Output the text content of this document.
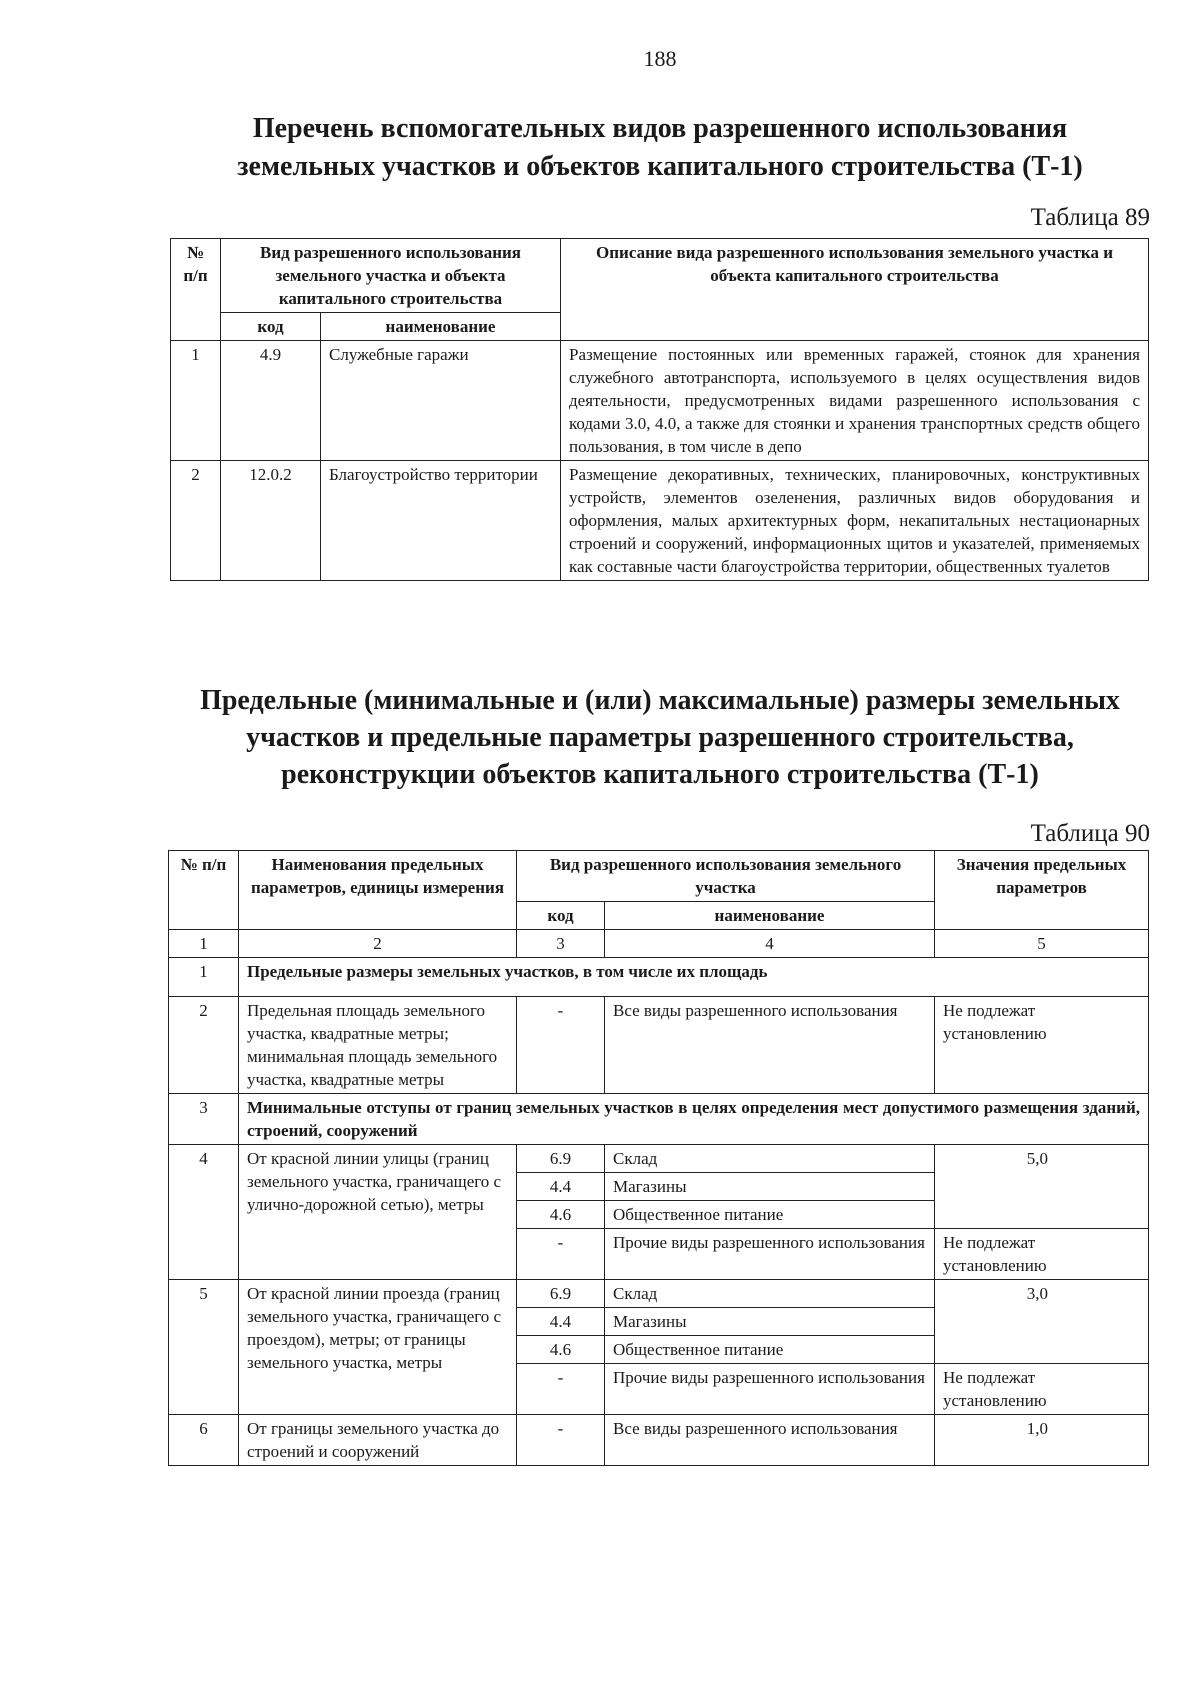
188
Перечень вспомогательных видов разрешенного использования
земельных участков и объектов капитального строительства (Т-1)
Таблица 89
№ п/п	Вид разрешенного использования земельного участка и объекта капитального строительства		Описание вида разрешенного использования земельного участка и объекта капитального строительства
	код	наименование	
1	4.9	Служебные гаражи	Размещение постоянных или временных гаражей, стоянок для хранения служебного автотранспорта, используемого в целях осуществления видов деятельности, предусмотренных видами разрешенного использования с кодами 3.0, 4.0, а также для стоянки и хранения транспортных средств общего пользования, в том числе в депо
2	12.0.2	Благоустройство территории	Размещение декоративных, технических, планировочных, конструктивных устройств, элементов озеленения, различных видов оборудования и оформления, малых архитектурных форм, некапитальных нестационарных строений и сооружений, информационных щитов и указателей, применяемых как составные части благоустройства территории, общественных туалетов
Предельные (минимальные и (или) максимальные) размеры земельных
участков и предельные параметры разрешенного строительства,
реконструкции объектов капитального строительства (Т-1)
Таблица 90
№ п/п	Наименования предельных параметров, единицы измерения	Вид разрешенного использования земельного участка		Значения предельных параметров
		код	наименование	
1	2	3	4	5
1	Предельные размеры земельных участков, в том числе их площадь			
2	Предельная площадь земельного участка, квадратные метры; минимальная площадь земельного участка, квадратные метры	-	Все виды разрешенного использования	Не подлежат установлению
3	Минимальные отступы от границ земельных участков в целях определения мест допустимого размещения зданий, строений, сооружений			
4	От красной линии улицы (границ земельного участка, граничащего с улично-дорожной сетью), метры	6.9	Склад	5,0
		4.4	Магазины	
		4.6	Общественное питание	
		-	Прочие виды разрешенного использования	Не подлежат установлению
5	От красной линии проезда (границ земельного участка, граничащего с проездом), метры; от границы земельного участка, метры	6.9	Склад	3,0
		4.4	Магазины	
		4.6	Общественное питание	
		-	Прочие виды разрешенного использования	Не подлежат установлению
6	От границы земельного участка до строений и сооружений	-	Все виды разрешенного использования	1,0
